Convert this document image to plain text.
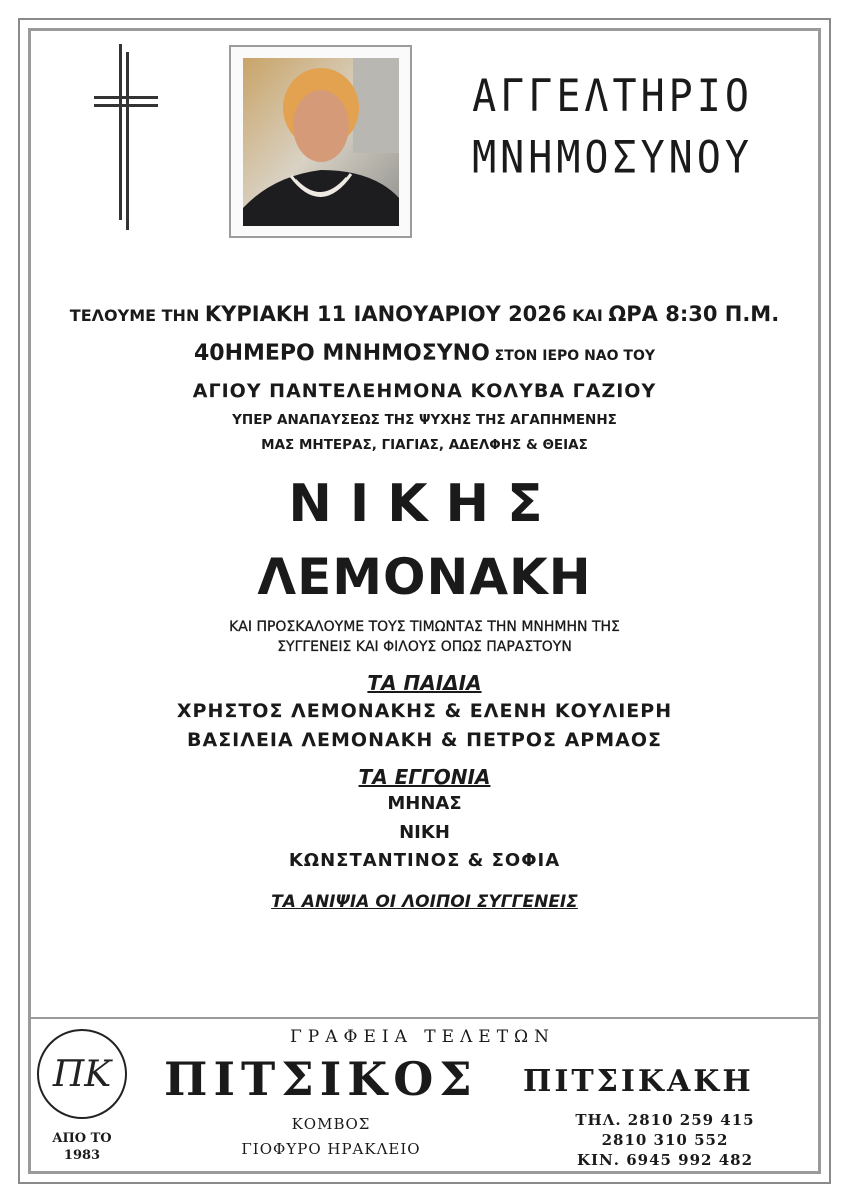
ΑΓΓΕΛΤΗΡΙΟ
ΜΝΗΜΟΣΥΝΟΥ
ΤΕΛΟΥΜΕ ΤΗΝ ΚΥΡΙΑΚΗ 11 ΙΑΝΟΥΑΡΙΟΥ 2026 ΚΑΙ ΩΡΑ 8:30 Π.Μ.
40ΗΜΕΡΟ ΜΝΗΜΟΣΥΝΟ ΣΤΟΝ ΙΕΡΟ ΝΑΟ ΤΟΥ
ΑΓΙΟΥ ΠΑΝΤΕΛΕΗΜΟΝΑ ΚΟΛΥΒΑ ΓΑΖΙΟΥ
ΥΠΕΡ ΑΝΑΠΑΥΣΕΩΣ ΤΗΣ ΨΥΧΗΣ ΤΗΣ ΑΓΑΠΗΜΕΝΗΣ
ΜΑΣ ΜΗΤΕΡΑΣ, ΓΙΑΓΙΑΣ, ΑΔΕΛΦΗΣ & ΘΕΙΑΣ
ΝΙΚΗΣ
ΛΕΜΟΝΑΚΗ
ΚΑΙ ΠΡΟΣΚΑΛΟΥΜΕ ΤΟΥΣ ΤΙΜΩΝΤΑΣ ΤΗΝ ΜΝΗΜΗΝ ΤΗΣ
ΣΥΓΓΕΝΕΙΣ ΚΑΙ ΦΙΛΟΥΣ ΟΠΩΣ ΠΑΡΑΣΤΟΥΝ
ΤΑ ΠΑΙΔΙΑ
ΧΡΗΣΤΟΣ ΛΕΜΟΝΑΚΗΣ & ΕΛΕΝΗ ΚΟΥΛΙΕΡΗ
ΒΑΣΙΛΕΙΑ ΛΕΜΟΝΑΚΗ & ΠΕΤΡΟΣ ΑΡΜΑΟΣ
ΤΑ ΕΓΓΟΝΙΑ
ΜΗΝΑΣ
ΝΙΚΗ
ΚΩΝΣΤΑΝΤΙΝΟΣ & ΣΟΦΙΑ
ΤΑ ΑΝΙΨΙΑ ΟΙ ΛΟΙΠΟΙ ΣΥΓΓΕΝΕΙΣ
ΠΚ
ΑΠΟ ΤΟ
1983
ΓΡΑΦΕΙΑ ΤΕΛΕΤΩΝ
ΠΙΤΣΙΚΟΣ ΠΙΤΣΙΚΑΚΗ
ΚΟΜΒΟΣ
ΓΙΟΦΥΡΟ ΗΡΑΚΛΕΙΟ
ΤΗΛ. 2810 259 415
2810 310 552
ΚΙΝ. 6945 992 482
